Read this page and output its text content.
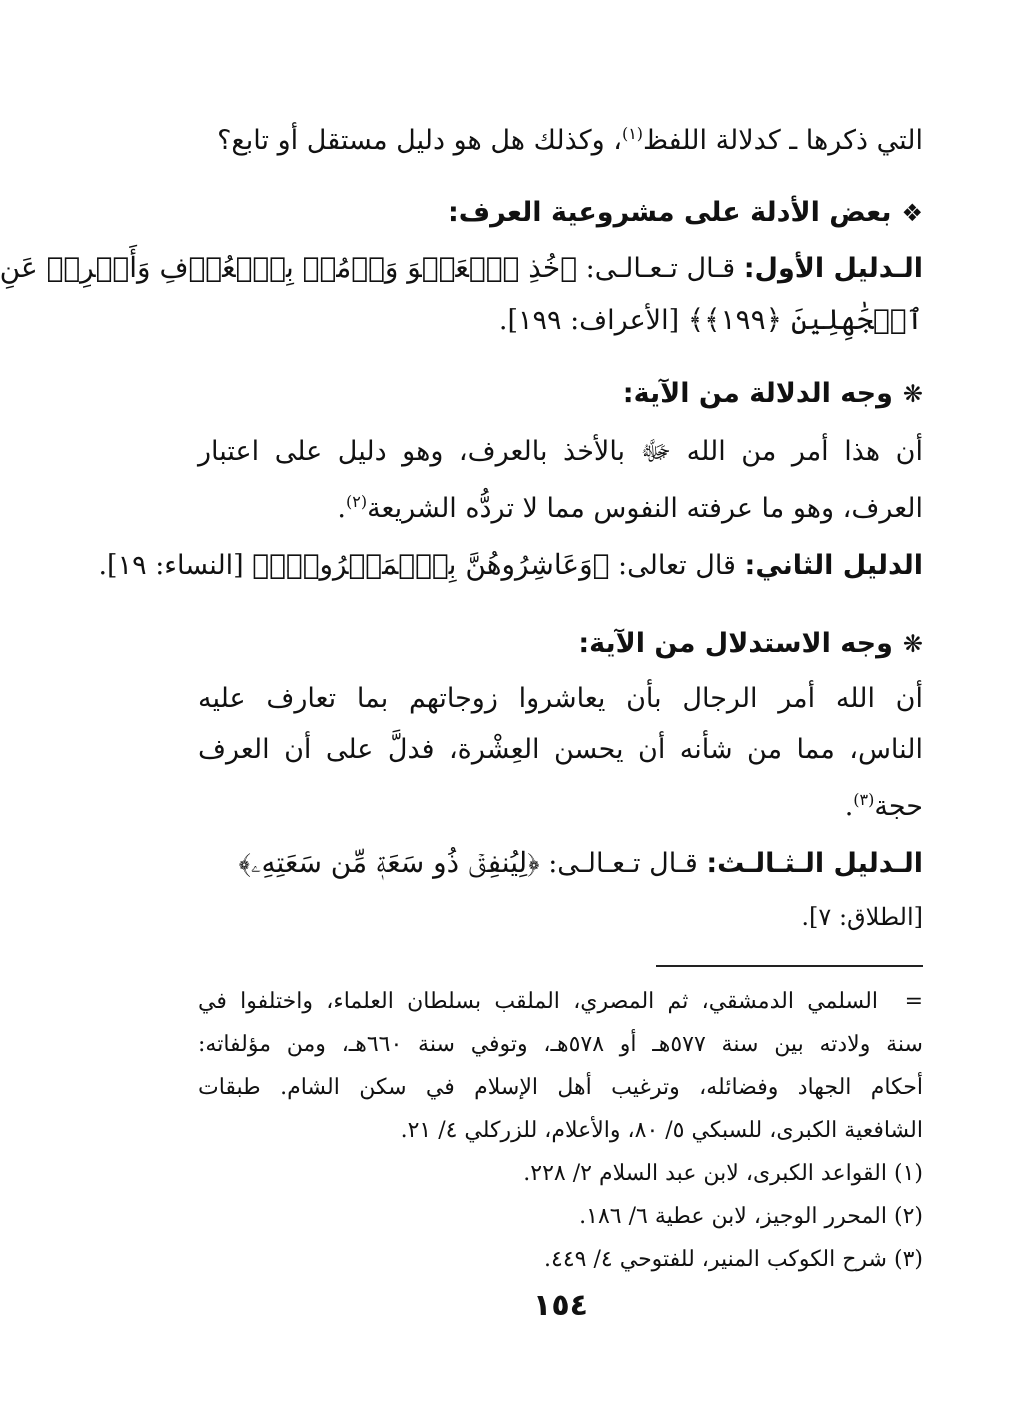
التي ذكرها ـ كدلالة اللفظ$^{(١)}$، وكذلك هل هو دليل مستقل أو تابع؟
❖بعض الأدلة على مشروعية العرف:
الـدليل الأول: قـال تـعـالـى: ﴿خُذِ ٱلۡعَفۡوَ وَأۡمُرۡ بِٱلۡعُرۡفِ وَأَعۡرِضۡ عَنِ
ٱلۡجَٰهِلِينَ ﴿١٩٩﴾﴾ [الأعراف: ١٩٩].
❋وجه الدلالة من الآية:
أن هذا أمر من الله ﷻ بالأخذ بالعرف، وهو دليل على اعتبار
العرف، وهو ما عرفته النفوس مما لا تردُّه الشريعة$^{(٢)}$.
الدليل الثاني: قال تعالى: ﴿وَعَاشِرُوهُنَّ بِٱلۡمَعۡرُوفِۚ﴾ [النساء: ١٩].
❋وجه الاستدلال من الآية:
أن الله أمر الرجال بأن يعاشروا زوجاتهم بما تعارف عليه
الناس، مما من شأنه أن يحسن العِشْرة، فدلَّ على أن العرف
حجة$^{(٣)}$.
الـدليل الـثـالـث: قـال تـعـالـى: ﴿لِيُنفِقۡ ذُو سَعَةٖ مِّن سَعَتِهِۦ﴾
[الطلاق: ٧].
=
السلمي الدمشقي، ثم المصري، الملقب بسلطان العلماء، واختلفوا في
سنة ولادته بين سنة ٥٧٧هـ أو ٥٧٨هـ، وتوفي سنة ٦٦٠هـ، ومن مؤلفاته:
أحكام الجهاد وفضائله، وترغيب أهل الإسلام في سكن الشام. طبقات
الشافعية الكبرى، للسبكي ٥/ ٨٠، والأعلام، للزركلي ٤/ ٢١.
(١) القواعد الكبرى، لابن عبد السلام ٢/ ٢٢٨.
(٢) المحرر الوجيز، لابن عطية ٦/ ١٨٦.
(٣) شرح الكوكب المنير، للفتوحي ٤/ ٤٤٩.
١٥٤
